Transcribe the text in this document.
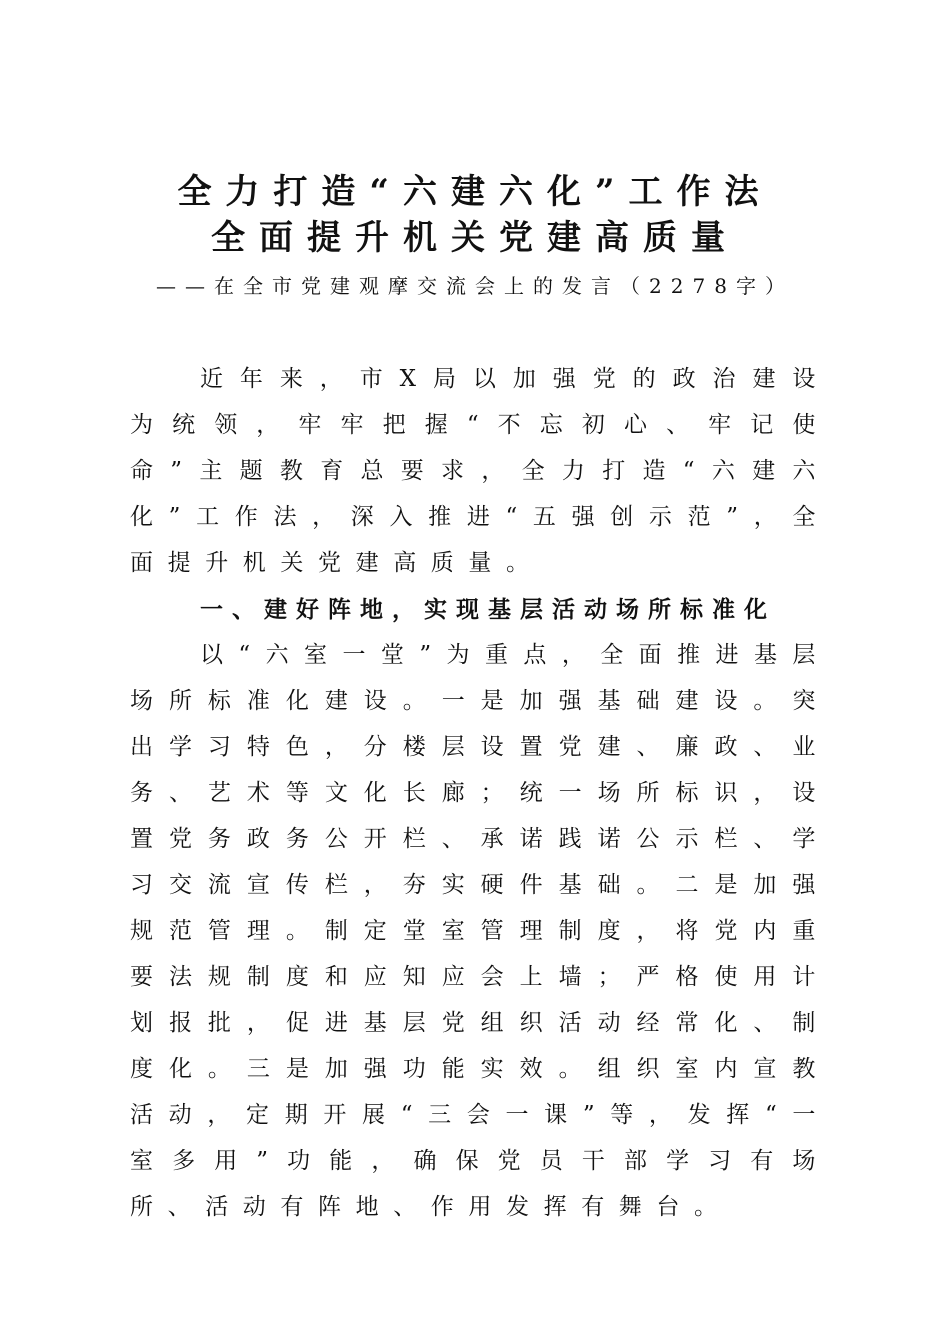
全力打造“六建六化”工作法
全面提升机关党建高质量
——在全市党建观摩交流会上的发言（2278字）

近年来，市X局以加强党的政治建设为统领，牢牢把握“不忘初心、牢记使命”主题教育总要求，全力打造“六建六化”工作法，深入推进“五强创示范”，全面提升机关党建高质量。

一、建好阵地，实现基层活动场所标准化

以“六室一堂”为重点，全面推进基层场所标准化建设。一是加强基础建设。突出学习特色，分楼层设置党建、廉政、业务、艺术等文化长廊；统一场所标识，设置党务政务公开栏、承诺践诺公示栏、学习交流宣传栏，夯实硬件基础。二是加强规范管理。制定堂室管理制度，将党内重要法规制度和应知应会上墙；严格使用计划报批，促进基层党组织活动经常化、制度化。三是加强功能实效。组织室内宣教活动，定期开展“三会一课”等，发挥“一室多用”功能，确保党员干部学习有场所、活动有阵地、作用发挥有舞台。
